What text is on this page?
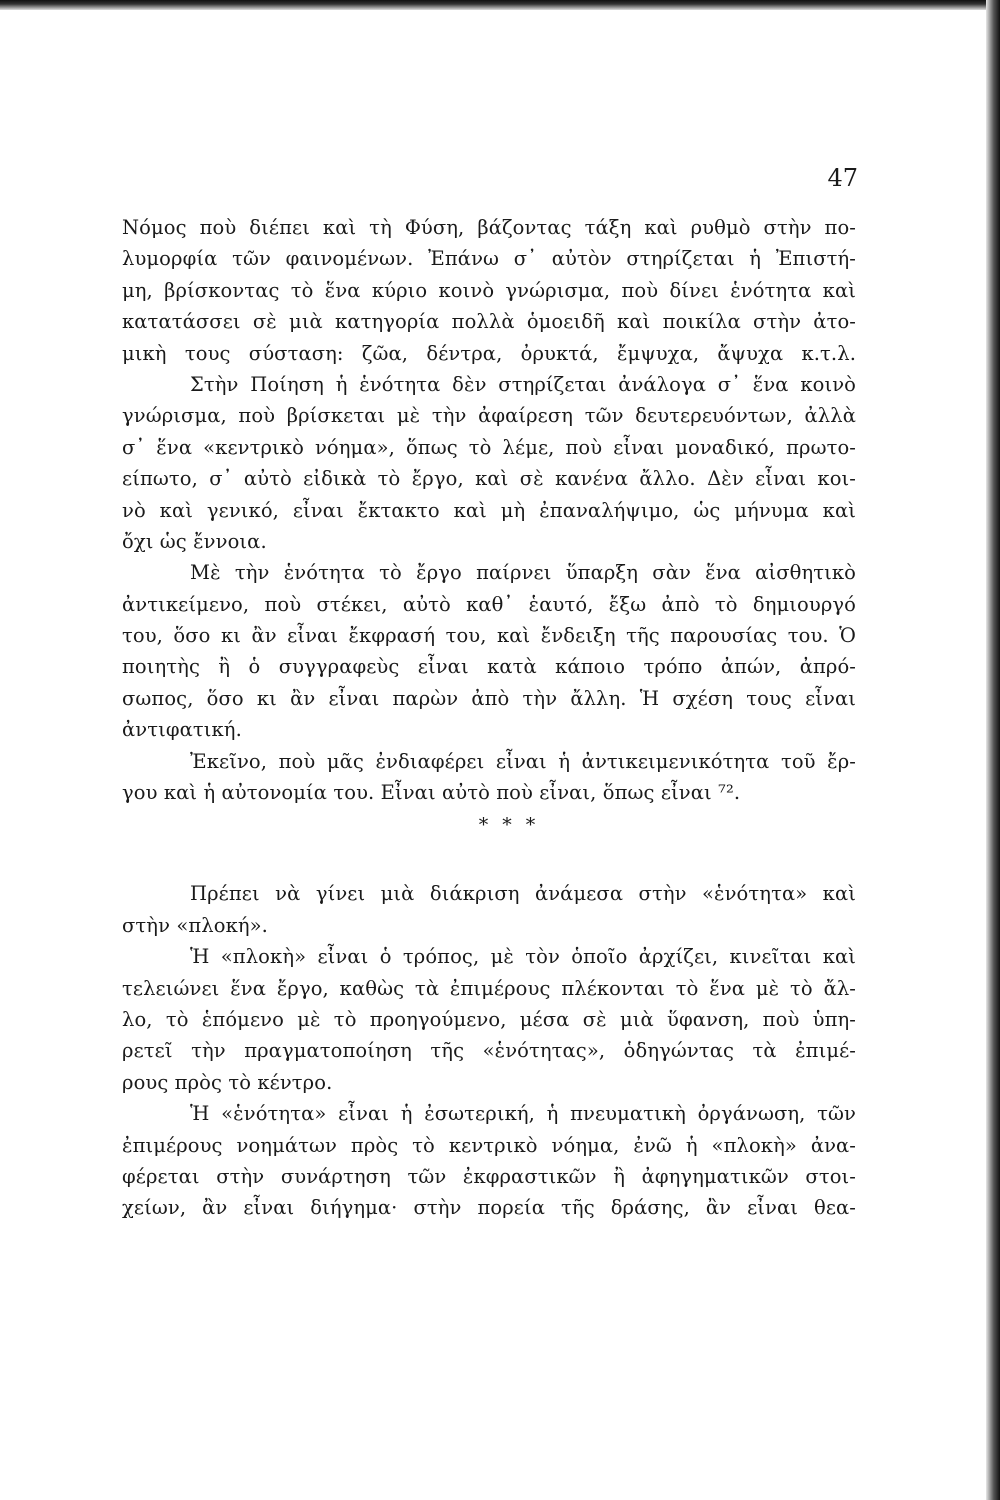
47
Νόμος ποὺ διέπει καὶ τὴ Φύση, βάζοντας τάξη καὶ ρυθμὸ στὴν πο-
λυμορφία τῶν φαινομένων. Ἐπάνω σ᾽ αὐτὸν στηρίζεται ἡ Ἐπιστή-
μη, βρίσκοντας τὸ ἕνα κύριο κοινὸ γνώρισμα, ποὺ δίνει ἑνότητα καὶ
κατατάσσει σὲ μιὰ κατηγορία πολλὰ ὁμοειδῆ καὶ ποικίλα στὴν ἀτο-
μικὴ τους σύσταση: ζῶα, δέντρα, ὀρυκτά, ἔμψυχα, ἄψυχα κ.τ.λ.
Στὴν Ποίηση ἡ ἑνότητα δὲν στηρίζεται ἀνάλογα σ᾽ ἕνα κοινὸ
γνώρισμα, ποὺ βρίσκεται μὲ τὴν ἀφαίρεση τῶν δευτερευόντων, ἀλλὰ
σ᾽ ἕνα «κεντρικὸ νόημα», ὅπως τὸ λέμε, ποὺ εἶναι μοναδικό, πρωτο-
είπωτο, σ᾽ αὐτὸ εἰδικὰ τὸ ἔργο, καὶ σὲ κανένα ἄλλο. Δὲν εἶναι κοι-
νὸ καὶ γενικό, εἶναι ἔκτακτο καὶ μὴ ἐπαναλήψιμο, ὡς μήνυμα καὶ
ὄχι ὡς ἔννοια.
Μὲ τὴν ἑνότητα τὸ ἔργο παίρνει ὕπαρξη σὰν ἕνα αἰσθητικὸ
ἀντικείμενο, ποὺ στέκει, αὐτὸ καθ᾽ ἑαυτό, ἔξω ἀπὸ τὸ δημιουργό
του, ὅσο κι ἂν εἶναι ἔκφρασή του, καὶ ἔνδειξη τῆς παρουσίας του. Ὁ
ποιητὴς ἢ ὁ συγγραφεὺς εἶναι κατὰ κάποιο τρόπο ἀπών, ἀπρό-
σωπος, ὅσο κι ἂν εἶναι παρὼν ἀπὸ τὴν ἄλλη. Ἡ σχέση τους εἶναι
ἀντιφατική.
Ἐκεῖνο, ποὺ μᾶς ἐνδιαφέρει εἶναι ἡ ἀντικειμενικότητα τοῦ ἔρ-
γου καὶ ἡ αὐτονομία του. Εἶναι αὐτὸ ποὺ εἶναι, ὅπως εἶναι ⁷².
* * *
Πρέπει νὰ γίνει μιὰ διάκριση ἀνάμεσα στὴν «ἑνότητα» καὶ
στὴν «πλοκή».
Ἡ «πλοκὴ» εἶναι ὁ τρόπος, μὲ τὸν ὁποῖο ἀρχίζει, κινεῖται καὶ
τελειώνει ἕνα ἔργο, καθὼς τὰ ἐπιμέρους πλέκονται τὸ ἕνα μὲ τὸ ἄλ-
λο, τὸ ἑπόμενο μὲ τὸ προηγούμενο, μέσα σὲ μιὰ ὕφανση, ποὺ ὑπη-
ρετεῖ τὴν πραγματοποίηση τῆς «ἑνότητας», ὁδηγώντας τὰ ἐπιμέ-
ρους πρὸς τὸ κέντρο.
Ἡ «ἑνότητα» εἶναι ἡ ἐσωτερική, ἡ πνευματικὴ ὀργάνωση, τῶν
ἐπιμέρους νοημάτων πρὸς τὸ κεντρικὸ νόημα, ἐνῶ ἡ «πλοκὴ» ἀνα-
φέρεται στὴν συνάρτηση τῶν ἐκφραστικῶν ἢ ἀφηγηματικῶν στοι-
χείων, ἂν εἶναι διήγημα· στὴν πορεία τῆς δράσης, ἂν εἶναι θεα-
